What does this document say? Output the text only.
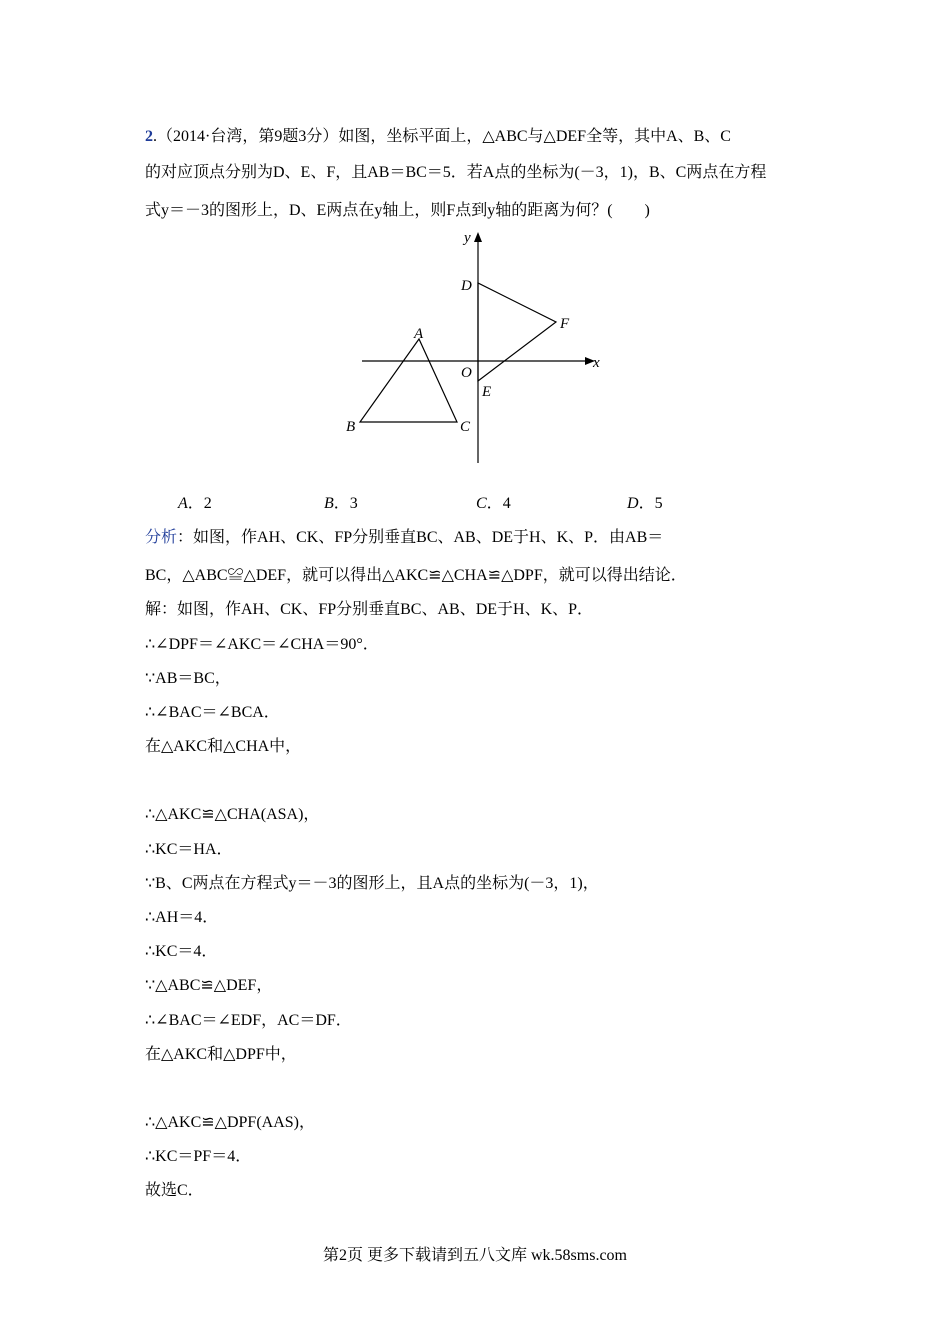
2.（2014·台湾，第9题3分）如图，坐标平面上，△ABC与△DEF全等，其中A、B、C
的对应顶点分别为D、E、F，且AB＝BC＝5．若A点的坐标为(－3，1)，B、C两点在方程
式y＝－3的图形上，D、E两点在y轴上，则F点到y轴的距离为何？(　　)
x
y
O
A
B	C
D
E
F
A．2	B．3	C．4	D．5
分析：如图，作AH、CK、FP分别垂直BC、AB、DE于H、K、P．由AB＝
BC，△ABC≌△DEF，就可以得出△AKC≌△CHA≌△DPF，就可以得出结论．
解：如图，作AH、CK、FP分别垂直BC、AB、DE于H、K、P．
∴∠DPF＝∠AKC＝∠CHA＝90°．
∵AB＝BC，
∴∠BAC＝∠BCA．
在△AKC和△CHA中，
∴△AKC≌△CHA(ASA)，
∴KC＝HA．
∵B、C两点在方程式y＝－3的图形上，且A点的坐标为(－3，1)，
∴AH＝4．
∴KC＝4．
∵△ABC≌△DEF，
∴∠BAC＝∠EDF，AC＝DF．
在△AKC和△DPF中，
∴△AKC≌△DPF(AAS)，
∴KC＝PF＝4．
故选C．
第2页 更多下载请到五八文库 wk.58sms.com
